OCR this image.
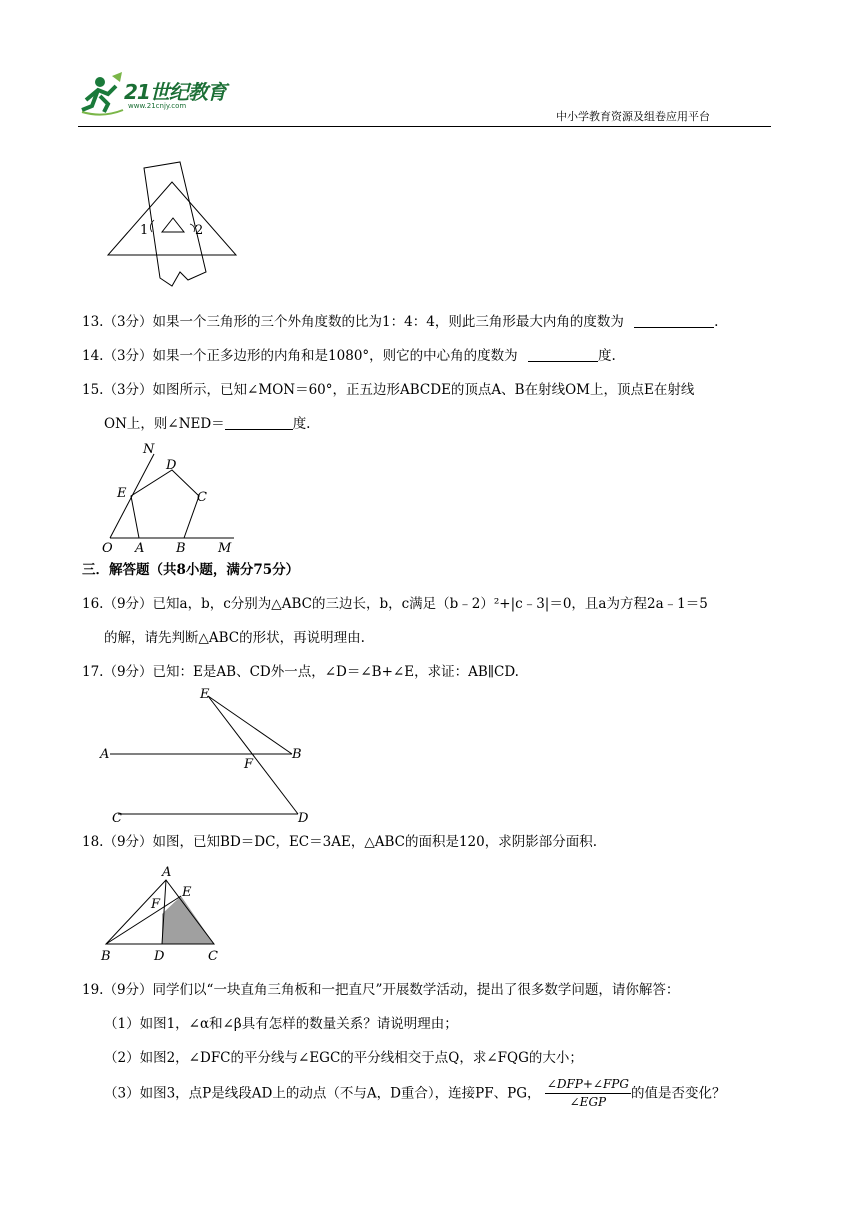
21世纪教育
www.21cnjy.com
中小学教育资源及组卷应用平台
1	2
13.（3分）如果一个三角形的三个外角度数的比为1：4：4，则此三角形最大内角的度数为	.
14.（3分）如果一个正多边形的内角和是1080°，则它的中心角的度数为	度.
15.（3分）如图所示，已知∠MON＝60°，正五边形ABCDE的顶点A、B在射线OM上，顶点E在射线
ON上，则∠NED＝	度.
N
D
E	C
O A B M
三．解答题（共8小题，满分75分）
16.（9分）已知a，b，c分别为△ABC的三边长，b，c满足（b﹣2）²+|c﹣3|＝0，且a为方程2a﹣1＝5
的解，请先判断△ABC的形状，再说明理由.
17.（9分）已知：E是AB、CD外一点，∠D＝∠B+∠E，求证：AB∥CD.
E
A	B
F
C	D
18.（9分）如图，已知BD＝DC，EC＝3AE，△ABC的面积是120，求阴影部分面积.
A
E
F
B	D	C
19.（9分）同学们以“一块直角三角板和一把直尺”开展数学活动，提出了很多数学问题，请你解答：
（1）如图1，∠α和∠β具有怎样的数量关系？请说明理由；
（2）如图2，∠DFC的平分线与∠EGC的平分线相交于点Q，求∠FQG的大小；
（3）如图3，点P是线段AD上的动点（不与A，D重合），连接PF、PG，
∠DFP+∠FPG
∠EGP
的值是否变化？
